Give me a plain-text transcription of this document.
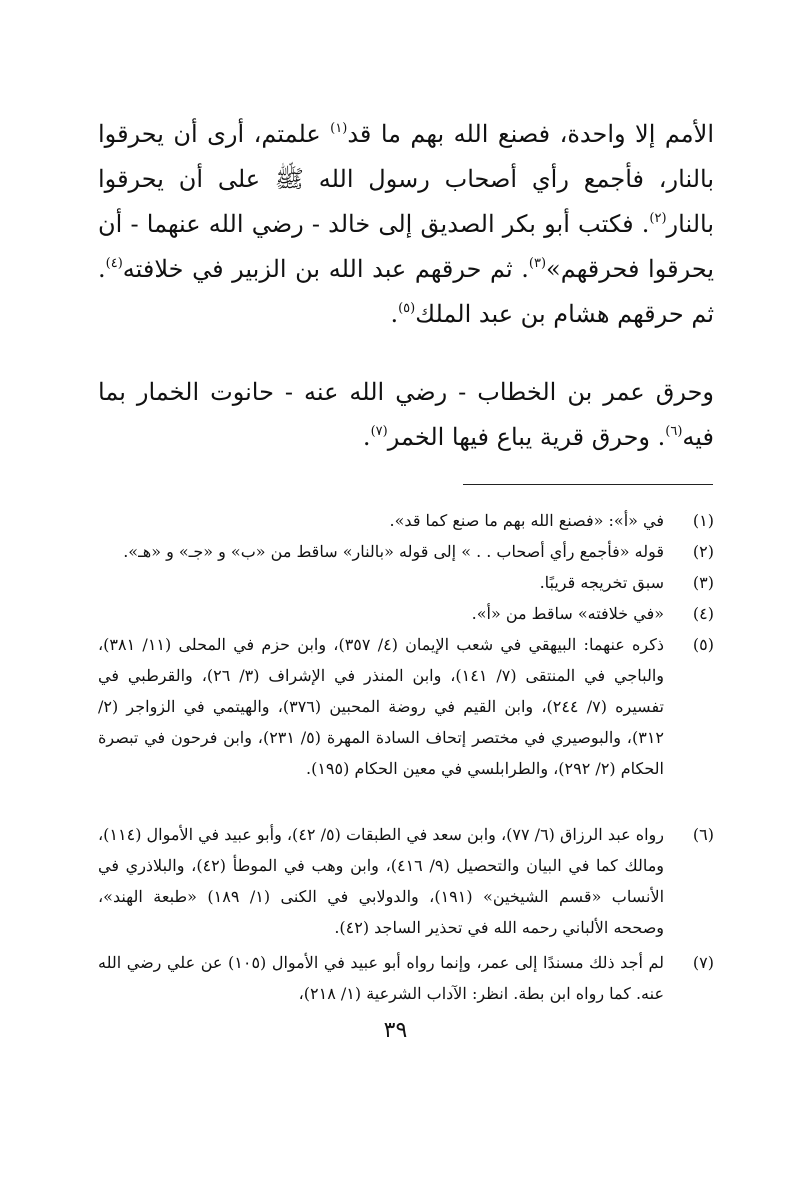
الأمم إلا واحدة، فصنع الله بهم ما قد$^{(١)}$ علمتم، أرى أن يحرقوا بالنار، فأجمع رأي أصحاب رسول الله ﷺ على أن يحرقوا بالنار$^{(٢)}$. فكتب أبو بكر الصديق إلى خالد - رضي الله عنهما - أن يحرقوا فحرقهم»$^{(٣)}$. ثم حرقهم عبد الله بن الزبير في خلافته$^{(٤)}$. ثم حرقهم هشام بن عبد الملك$^{(٥)}$.

وحرق عمر بن الخطاب - رضي الله عنه - حانوت الخمار بما فيه$^{(٦)}$. وحرق قرية يباع فيها الخمر$^{(٧)}$.

(١)
في «أ»: «فصنع الله بهم ما صنع كما قد».
(٢)
قوله «فأجمع رأي أصحاب . . » إلى قوله «بالنار» ساقط من «ب» و «جـ» و «هـ».
(٣)
سبق تخريجه قريبًا.
(٤)
«في خلافته» ساقط من «أ».
(٥)
ذكره عنهما: البيهقي في شعب الإيمان (٤/ ٣٥٧)، وابن حزم في المحلى (١١/ ٣٨١)، والباجي في المنتقى (٧/ ١٤١)، وابن المنذر في الإشراف (٣/ ٢٦)، والقرطبي في تفسيره (٧/ ٢٤٤)، وابن القيم في روضة المحبين (٣٧٦)، والهيتمي في الزواجر (٢/ ٣١٢)، والبوصيري في مختصر إتحاف السادة المهرة (٥/ ٢٣١)، وابن فرحون في تبصرة الحكام (٢/ ٢٩٢)، والطرابلسي في معين الحكام (١٩٥).
(٦)
رواه عبد الرزاق (٦/ ٧٧)، وابن سعد في الطبقات (٥/ ٤٢)، وأبو عبيد في الأموال (١١٤)، ومالك كما في البيان والتحصيل (٩/ ٤١٦)، وابن وهب في الموطأ (٤٢)، والبلاذري في الأنساب «قسم الشيخين» (١٩١)، والدولابي في الكنى (١/ ١٨٩) «طبعة الهند»، وصححه الألباني رحمه الله في تحذير الساجد (٤٢).
(٧)
لم أجد ذلك مسندًا إلى عمر، وإنما رواه أبو عبيد في الأموال (١٠٥) عن علي رضي الله عنه. كما رواه ابن بطة. انظر: الآداب الشرعية (١/ ٢١٨)،
٣٩
